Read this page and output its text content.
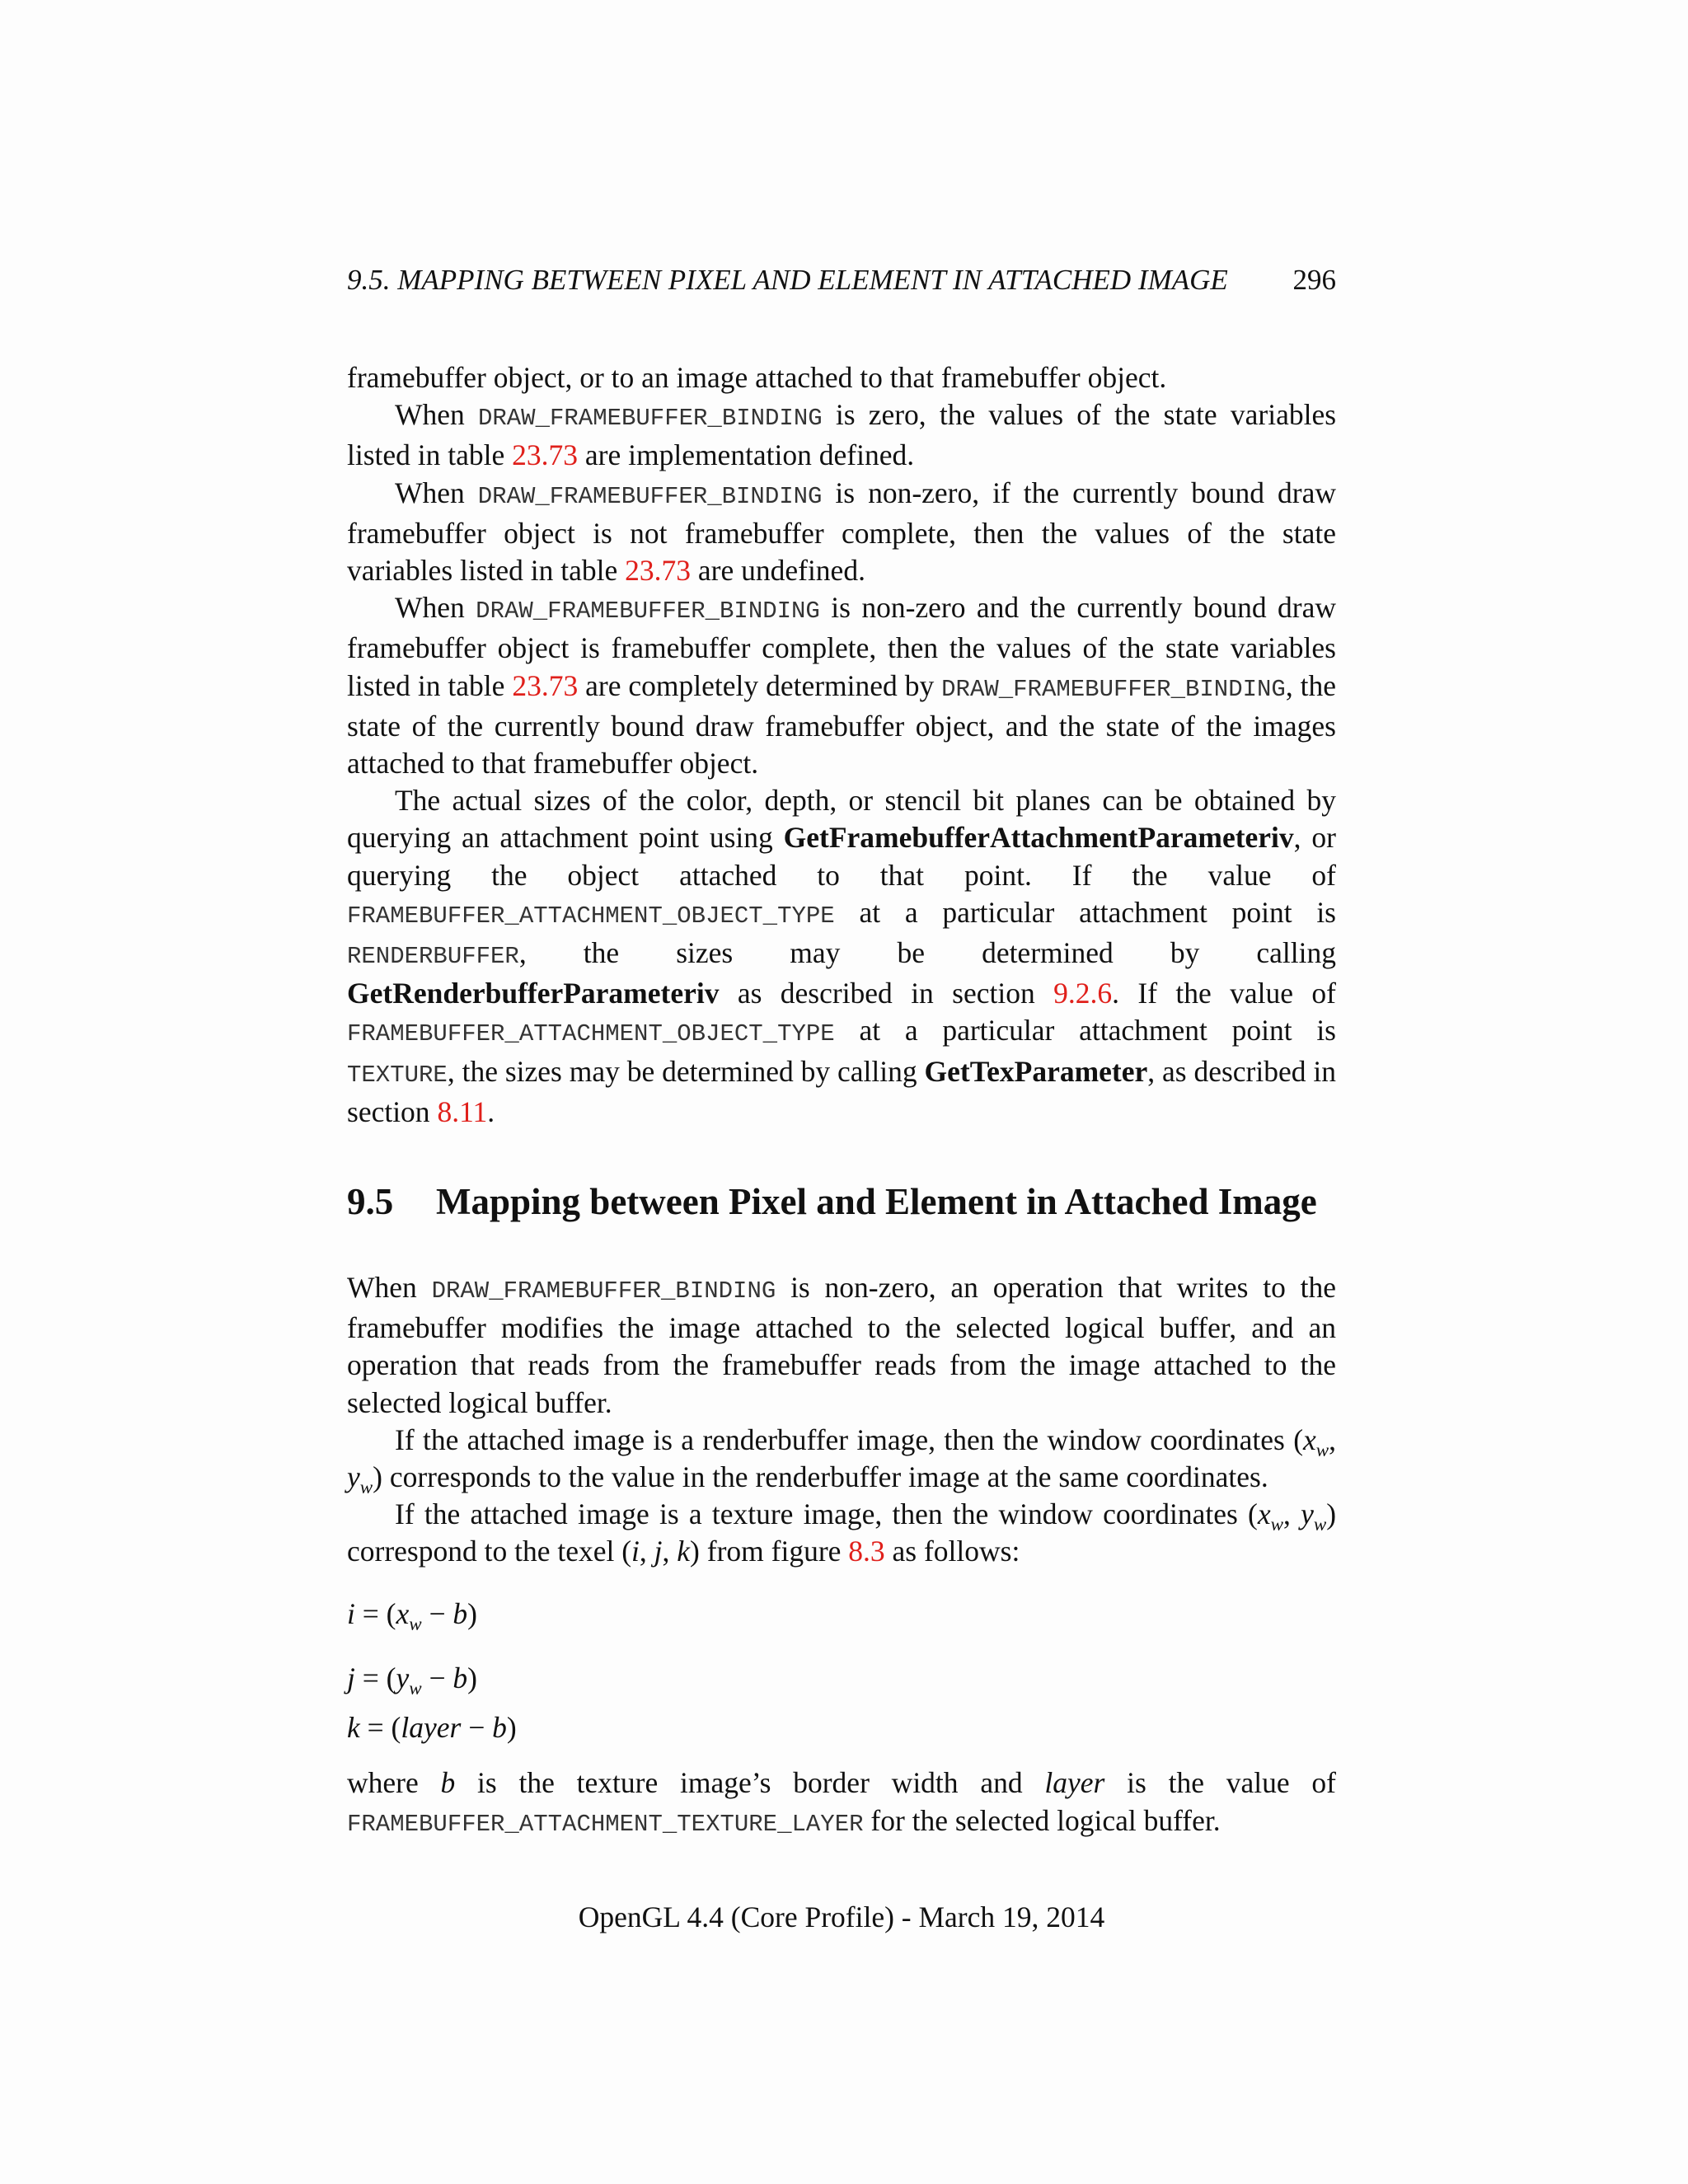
9.5. MAPPING BETWEEN PIXEL AND ELEMENT IN ATTACHED IMAGE 296

framebuffer object, or to an image attached to that framebuffer object.

When DRAW_FRAMEBUFFER_BINDING is zero, the values of the state variables listed in table 23.73 are implementation defined.

When DRAW_FRAMEBUFFER_BINDING is non-zero, if the currently bound draw framebuffer object is not framebuffer complete, then the values of the state variables listed in table 23.73 are undefined.

When DRAW_FRAMEBUFFER_BINDING is non-zero and the currently bound draw framebuffer object is framebuffer complete, then the values of the state variables listed in table 23.73 are completely determined by DRAW_FRAMEBUFFER_BINDING, the state of the currently bound draw framebuffer object, and the state of the images attached to that framebuffer object.

The actual sizes of the color, depth, or stencil bit planes can be obtained by querying an attachment point using GetFramebufferAttachmentParameteriv, or querying the object attached to that point. If the value of FRAMEBUFFER_ATTACHMENT_OBJECT_TYPE at a particular attachment point is RENDERBUFFER, the sizes may be determined by calling GetRenderbufferParameteriv as described in section 9.2.6. If the value of FRAMEBUFFER_ATTACHMENT_OBJECT_TYPE at a particular attachment point is TEXTURE, the sizes may be determined by calling GetTexParameter, as described in section 8.11.

9.5	Mapping between Pixel and Element in Attached Image

When DRAW_FRAMEBUFFER_BINDING is non-zero, an operation that writes to the framebuffer modifies the image attached to the selected logical buffer, and an operation that reads from the framebuffer reads from the image attached to the selected logical buffer.

If the attached image is a renderbuffer image, then the window coordinates ($x_w$, $y_w$) corresponds to the value in the renderbuffer image at the same coordinates.

If the attached image is a texture image, then the window coordinates ($x_w$, $y_w$) correspond to the texel (i, j, k) from figure 8.3 as follows:

$i = (x_w - b)$

$j = (y_w - b)$

k = (layer − b)

where b is the texture image’s border width and layer is the value of FRAMEBUFFER_ATTACHMENT_TEXTURE_LAYER for the selected logical buffer.

OpenGL 4.4 (Core Profile) - March 19, 2014
